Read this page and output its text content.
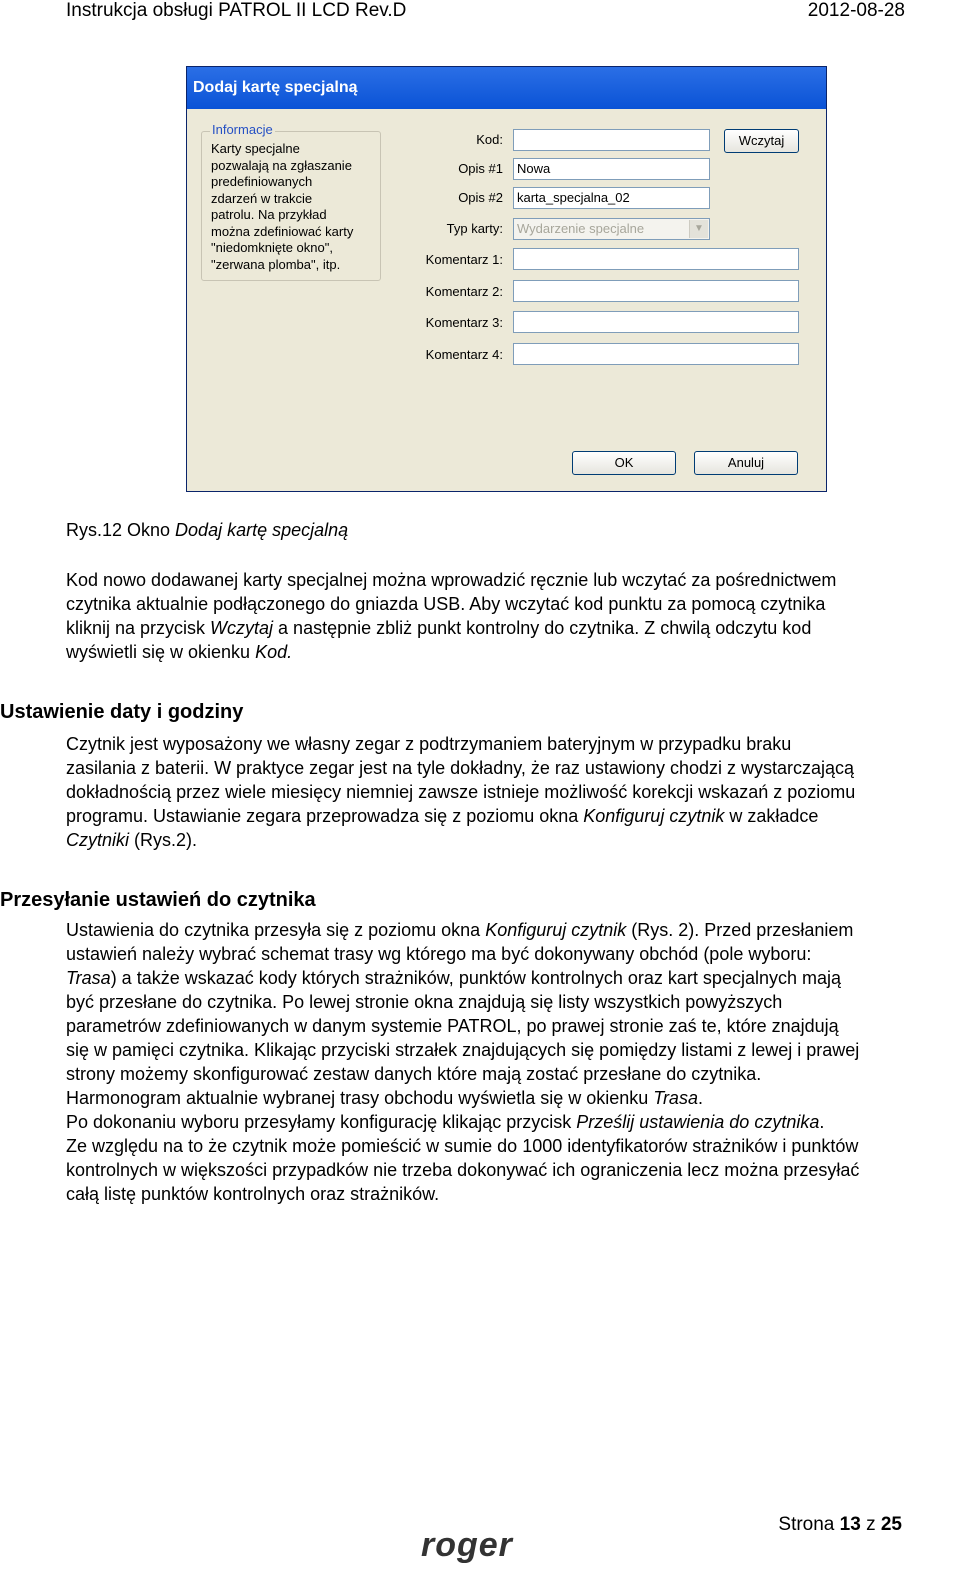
Instrukcja obsługi PATROL II LCD Rev.D	2012-08-28
Dodaj kartę specjalną
Informacje
Karty specjalne
pozwalają na zgłaszanie
predefiniowanych
zdarzeń w trakcie
patrolu. Na przykład
można zdefiniować karty
"niedomknięte okno",
"zerwana plomba", itp.
Kod:	Wczytaj
Opis #1	Nowa
Opis #2	karta_specjalna_02
Typ karty:	Wydarzenie specjalne	▼
Komentarz 1:
Komentarz 2:
Komentarz 3:
Komentarz 4:
OK	Anuluj
Rys.12 Okno Dodaj kartę specjalną
Kod nowo dodawanej karty specjalnej można wprowadzić ręcznie lub wczytać za pośrednictwem
czytnika aktualnie podłączonego do gniazda USB. Aby wczytać kod punktu za pomocą czytnika
kliknij na przycisk Wczytaj a następnie zbliż punkt kontrolny do czytnika. Z chwilą odczytu kod
wyświetli się w okienku Kod.
Ustawienie daty i godziny
Czytnik jest wyposażony we własny zegar z podtrzymaniem bateryjnym w przypadku braku
zasilania z baterii. W praktyce zegar jest na tyle dokładny, że raz ustawiony chodzi z wystarczającą
dokładnością przez wiele miesięcy niemniej zawsze istnieje możliwość korekcji wskazań z poziomu
programu. Ustawianie zegara przeprowadza się z poziomu okna Konfiguruj czytnik w zakładce
Czytniki (Rys.2).
Przesyłanie ustawień do czytnika
Ustawienia do czytnika przesyła się z poziomu okna Konfiguruj czytnik (Rys. 2). Przed przesłaniem
ustawień należy wybrać schemat trasy wg którego ma być dokonywany obchód (pole wyboru:
Trasa) a także wskazać kody których strażników, punktów kontrolnych oraz kart specjalnych mają
być przesłane do czytnika. Po lewej stronie okna znajdują się listy wszystkich powyższych
parametrów zdefiniowanych w danym systemie PATROL, po prawej stronie zaś te, które znajdują
się w pamięci czytnika. Klikając przyciski strzałek znajdujących się pomiędzy listami z lewej i prawej
strony możemy skonfigurować zestaw danych które mają zostać przesłane do czytnika.
Harmonogram aktualnie wybranej trasy obchodu wyświetla się w okienku Trasa.
Po dokonaniu wyboru przesyłamy konfigurację klikając przycisk Prześlij ustawienia do czytnika.
Ze względu na to że czytnik może pomieścić w sumie do 1000 identyfikatorów strażników i punktów
kontrolnych w większości przypadków nie trzeba dokonywać ich ograniczenia lecz można przesyłać
całą listę punktów kontrolnych oraz strażników.
Strona 13 z 25
roger
